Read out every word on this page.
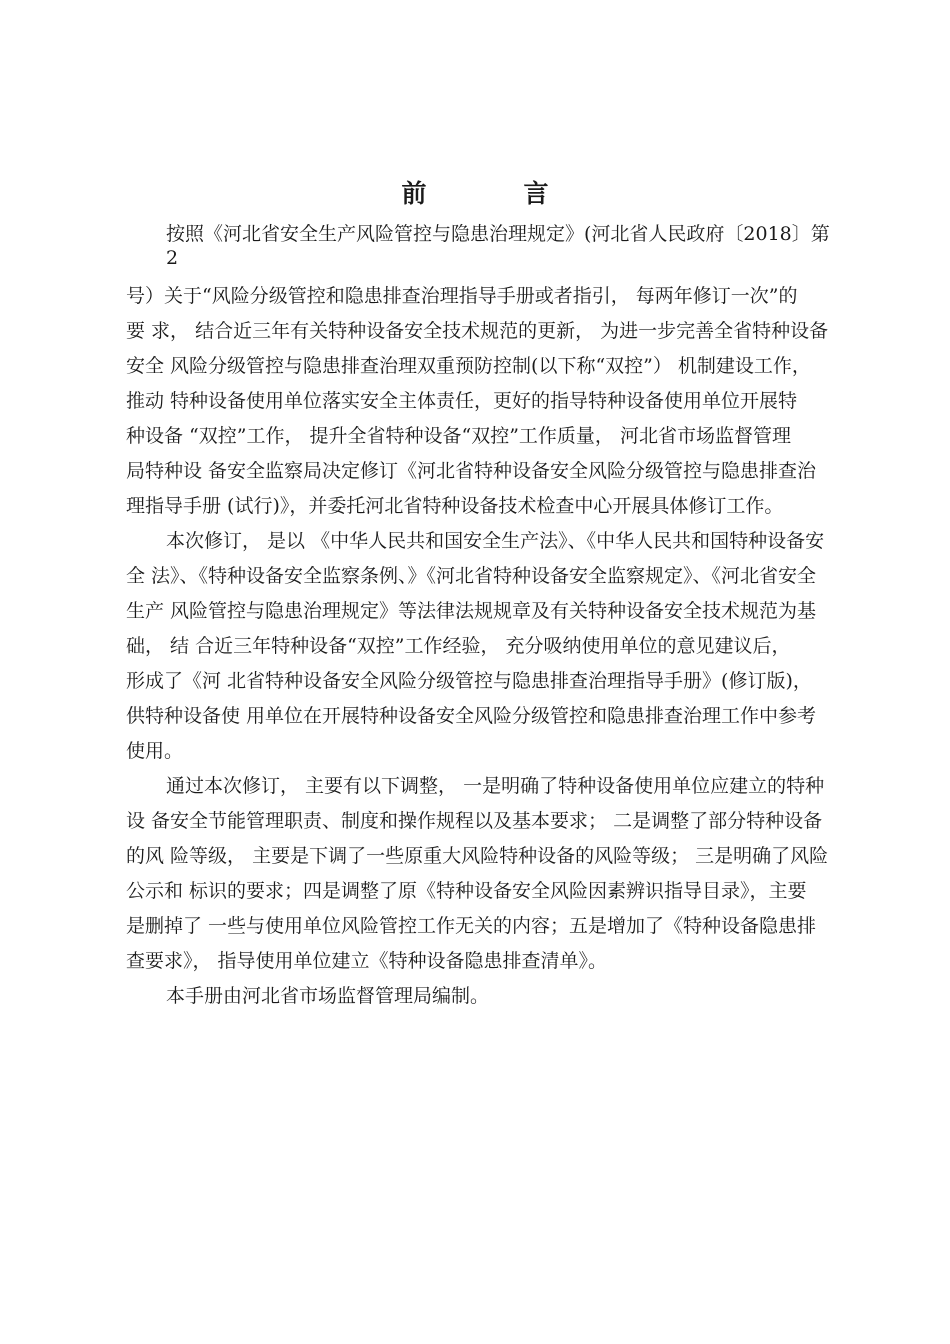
前　言
按照《河北省安全生产风险管控与隐患治理规定》(河北省人民政府〔2018〕第
2
号）关于“风险分级管控和隐患排查治理指导手册或者指引， 每两年修订一次”的
要 求， 结合近三年有关特种设备安全技术规范的更新， 为进一步完善全省特种设备
安全 风险分级管控与隐患排查治理双重预防控制(以下称“双控”） 机制建设工作，
推动 特种设备使用单位落实安全主体责任，更好的指导特种设备使用单位开展特
种设备 “双控”工作， 提升全省特种设备“双控”工作质量， 河北省市场监督管理
局特种设 备安全监察局决定修订《河北省特种设备安全风险分级管控与隐患排查治
理指导手册 (试行)》，并委托河北省特种设备技术检查中心开展具体修订工作。
本次修订， 是以 《中华人民共和国安全生产法》、《中华人民共和国特种设备安
全 法》、《特种设备安全监察条例、》《河北省特种设备安全监察规定》、《河北省安全
生产 风险管控与隐患治理规定》等法律法规规章及有关特种设备安全技术规范为基
础， 结 合近三年特种设备“双控”工作经验， 充分吸纳使用单位的意见建议后，
形成了《河 北省特种设备安全风险分级管控与隐患排查治理指导手册》(修订版)，
供特种设备使 用单位在开展特种设备安全风险分级管控和隐患排查治理工作中参考
使用。
通过本次修订， 主要有以下调整， 一是明确了特种设备使用单位应建立的特种
设 备安全节能管理职责、制度和操作规程以及基本要求； 二是调整了部分特种设备
的风 险等级， 主要是下调了一些原重大风险特种设备的风险等级； 三是明确了风险
公示和 标识的要求；四是调整了原《特种设备安全风险因素辨识指导目录》，主要
是删掉了 一些与使用单位风险管控工作无关的内容；五是增加了《特种设备隐患排
查要求》， 指导使用单位建立《特种设备隐患排查清单》。
本手册由河北省市场监督管理局编制。
